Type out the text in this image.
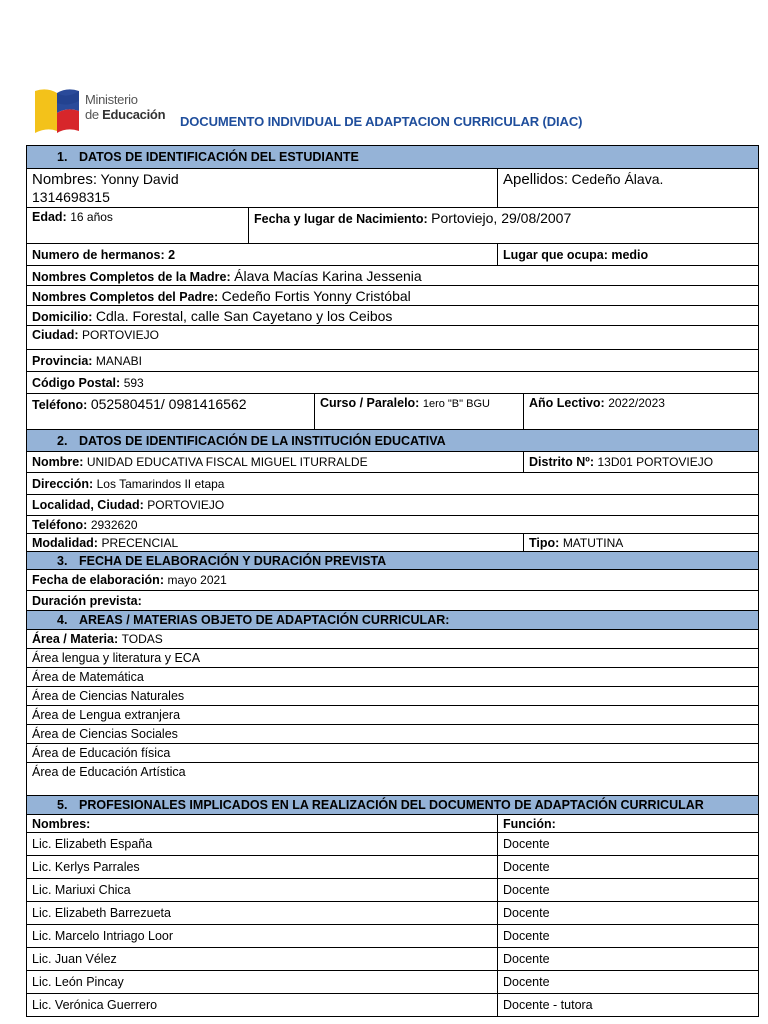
Ministerio
de Educación DOCUMENTO INDIVIDUAL DE ADAPTACION CURRICULAR (DIAC)
1. DATOS DE IDENTIFICACIÓN DEL ESTUDIANTE				
Nombres: Yonny David
1314698315			Apellidos: Cedeño Álava.	
Edad: 16 años	Fecha y lugar de Nacimiento: Portoviejo, 29/08/2007			
Numero de hermanos: 2			Lugar que ocupa: medio	
Nombres Completos de la Madre: Álava Macías Karina Jessenia				
Nombres Completos del Padre: Cedeño Fortis Yonny Cristóbal				
Domicilio: Cdla. Forestal, calle San Cayetano y los Ceibos				
Ciudad: PORTOVIEJO				
Provincia: MANABI				
Código Postal: 593				
Teléfono: 052580451/ 0981416562		Curso / Paralelo: 1ero "B" BGU		Año Lectivo: 2022/2023
2. DATOS DE IDENTIFICACIÓN DE LA INSTITUCIÓN EDUCATIVA				
Nombre: UNIDAD EDUCATIVA FISCAL MIGUEL ITURRALDE				Distrito Nº: 13D01 PORTOVIEJO
Dirección: Los Tamarindos II etapa				
Localidad, Ciudad: PORTOVIEJO				
Teléfono: 2932620				
Modalidad: PRECENCIAL				Tipo: MATUTINA
3. FECHA DE ELABORACIÓN Y DURACIÓN PREVISTA				
Fecha de elaboración: mayo 2021				
Duración prevista:				
4. AREAS / MATERIAS OBJETO DE ADAPTACIÓN CURRICULAR:				
Área / Materia: TODAS				
Área lengua y literatura y ECA				
Área de Matemática				
Área de Ciencias Naturales				
Área de Lengua extranjera				
Área de Ciencias Sociales				
Área de Educación física				
Área de Educación Artística				
5. PROFESIONALES IMPLICADOS EN LA REALIZACIÓN DEL DOCUMENTO DE ADAPTACIÓN CURRICULAR				
Nombres:			Función:	
Lic. Elizabeth España			Docente	
Lic. Kerlys Parrales			Docente	
Lic. Mariuxi Chica			Docente	
Lic. Elizabeth Barrezueta			Docente	
Lic. Marcelo Intriago Loor			Docente	
Lic. Juan Vélez			Docente	
Lic. León Pincay			Docente	
Lic. Verónica Guerrero			Docente - tutora	
